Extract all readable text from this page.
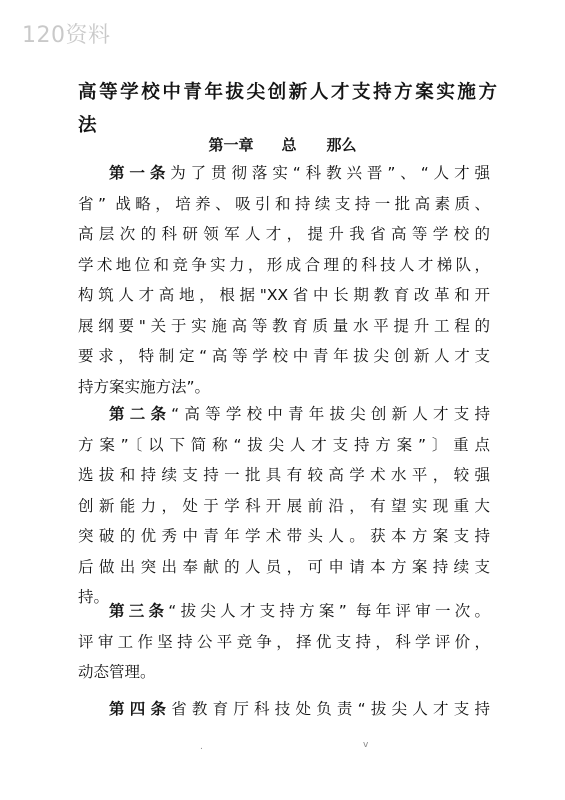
120资料
高等学校中青年拔尖创新人才支持方案实施方
法
第一章 总 那么
第一条为了贯彻落实“科教兴晋”、“人才强
省” 战略，培养、吸引和持续支持一批高素质、
高层次的科研领军人才，提升我省高等学校的
学术地位和竞争实力，形成合理的科技人才梯队，
构筑人才高地，根据"XX省中长期教育改革和开
展纲要"关于实施高等教育质量水平提升工程的
要求，特制定“高等学校中青年拔尖创新人才支
持方案实施方法”。
第二条“高等学校中青年拔尖创新人才支持
方案”〔以下简称“拔尖人才支持方案”〕重点
选拔和持续支持一批具有较高学术水平，较强
创新能力，处于学科开展前沿，有望实现重大
突破的优秀中青年学术带头人。获本方案支持
后做出突出奉献的人员，可申请本方案持续支
持。
第三条“拔尖人才支持方案” 每年评审一次。
评审工作坚持公平竞争，择优支持，科学评价，
动态管理。
第四条省教育厅科技处负责“拔尖人才支持
.	v
